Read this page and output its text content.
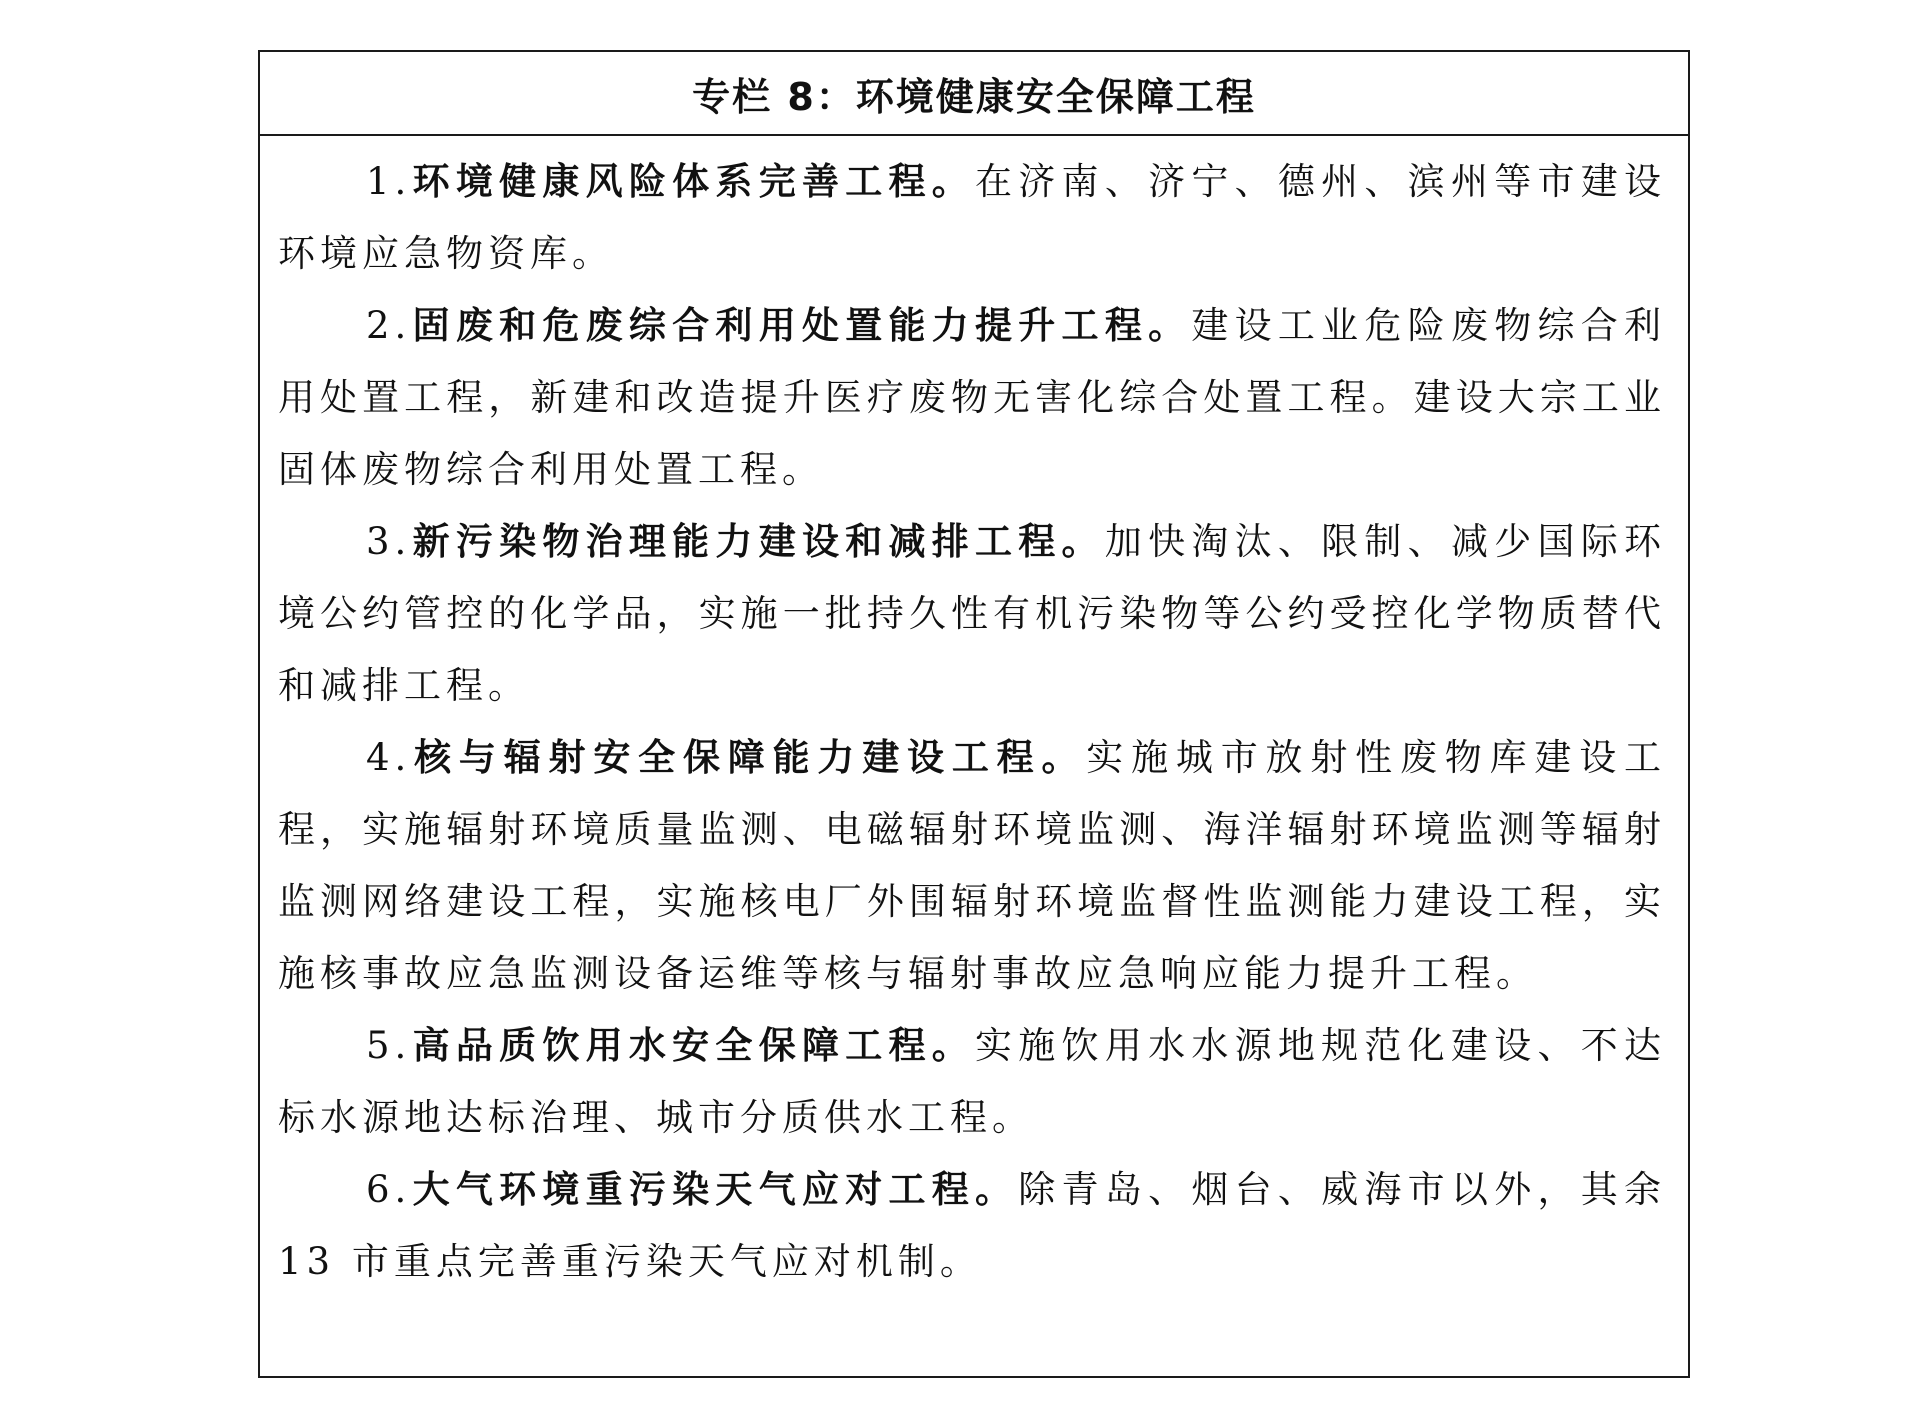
专栏 8：环境健康安全保障工程

1.环境健康风险体系完善工程。在济南、济宁、德州、滨州等市建设环境应急物资库。

2.固废和危废综合利用处置能力提升工程。建设工业危险废物综合利用处置工程，新建和改造提升医疗废物无害化综合处置工程。建设大宗工业固体废物综合利用处置工程。

3.新污染物治理能力建设和减排工程。加快淘汰、限制、减少国际环境公约管控的化学品，实施一批持久性有机污染物等公约受控化学物质替代和减排工程。

4.核与辐射安全保障能力建设工程。实施城市放射性废物库建设工程，实施辐射环境质量监测、电磁辐射环境监测、海洋辐射环境监测等辐射监测网络建设工程，实施核电厂外围辐射环境监督性监测能力建设工程，实施核事故应急监测设备运维等核与辐射事故应急响应能力提升工程。

5.高品质饮用水安全保障工程。实施饮用水水源地规范化建设、不达标水源地达标治理、城市分质供水工程。

6.大气环境重污染天气应对工程。除青岛、烟台、威海市以外，其余 13 市重点完善重污染天气应对机制。
